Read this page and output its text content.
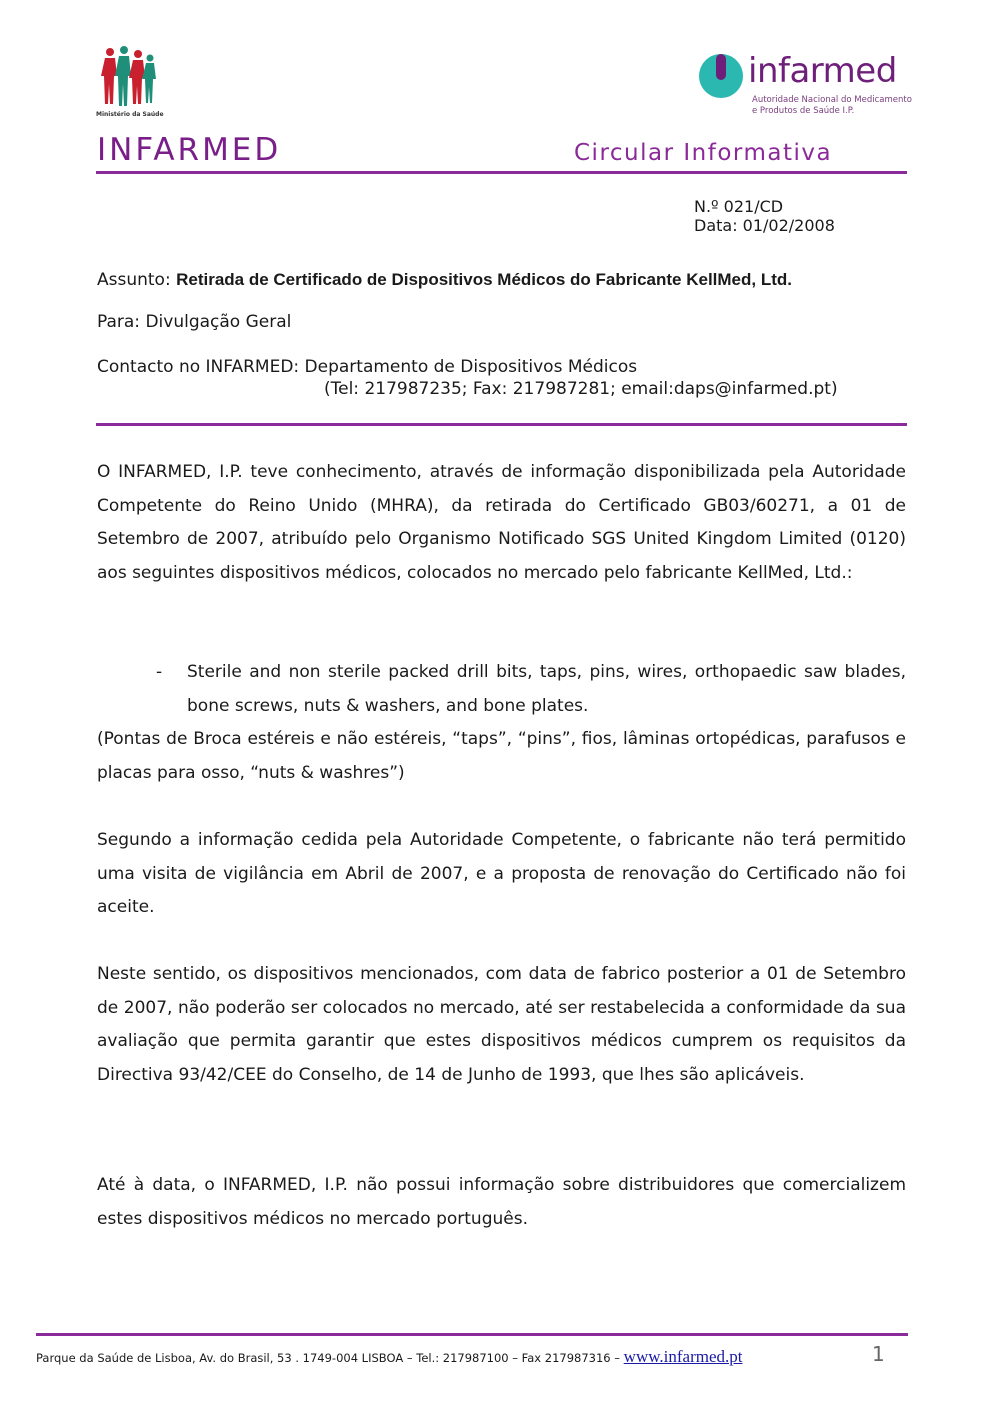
Ministério da Saúde
infarmed
Autoridade Nacional do Medicamento
e Produtos de Saúde I.P.
INFARMED	Circular Informativa
N.º 021/CD
Data: 01/02/2008
Assunto: Retirada de Certificado de Dispositivos Médicos do Fabricante KellMed, Ltd.
Para: Divulgação Geral
Contacto no INFARMED: Departamento de Dispositivos Médicos
(Tel: 217987235; Fax: 217987281; email:daps@infarmed.pt)
O INFARMED, I.P. teve conhecimento, através de informação disponibilizada pela Autoridade Competente do Reino Unido (MHRA), da retirada do Certificado GB03/60271, a 01 de Setembro de 2007, atribuído pelo Organismo Notificado SGS United Kingdom Limited (0120) aos seguintes dispositivos médicos, colocados no mercado pelo fabricante KellMed, Ltd.:
- Sterile and non sterile packed drill bits, taps, pins, wires, orthopaedic saw blades, bone screws, nuts & washers, and bone plates.
(Pontas de Broca estéreis e não estéreis, “taps”, “pins”, fios, lâminas ortopédicas, parafusos e placas para osso, “nuts & washres”)
Segundo a informação cedida pela Autoridade Competente, o fabricante não terá permitido uma visita de vigilância em Abril de 2007, e a proposta de renovação do Certificado não foi aceite.
Neste sentido, os dispositivos mencionados, com data de fabrico posterior a 01 de Setembro de 2007, não poderão ser colocados no mercado, até ser restabelecida a conformidade da sua avaliação que permita garantir que estes dispositivos médicos cumprem os requisitos da Directiva 93/42/CEE do Conselho, de 14 de Junho de 1993, que lhes são aplicáveis.
Até à data, o INFARMED, I.P. não possui informação sobre distribuidores que comercializem estes dispositivos médicos no mercado português.
Parque da Saúde de Lisboa, Av. do Brasil, 53 . 1749-004 LISBOA – Tel.: 217987100 – Fax 217987316 – www.infarmed.pt	1
